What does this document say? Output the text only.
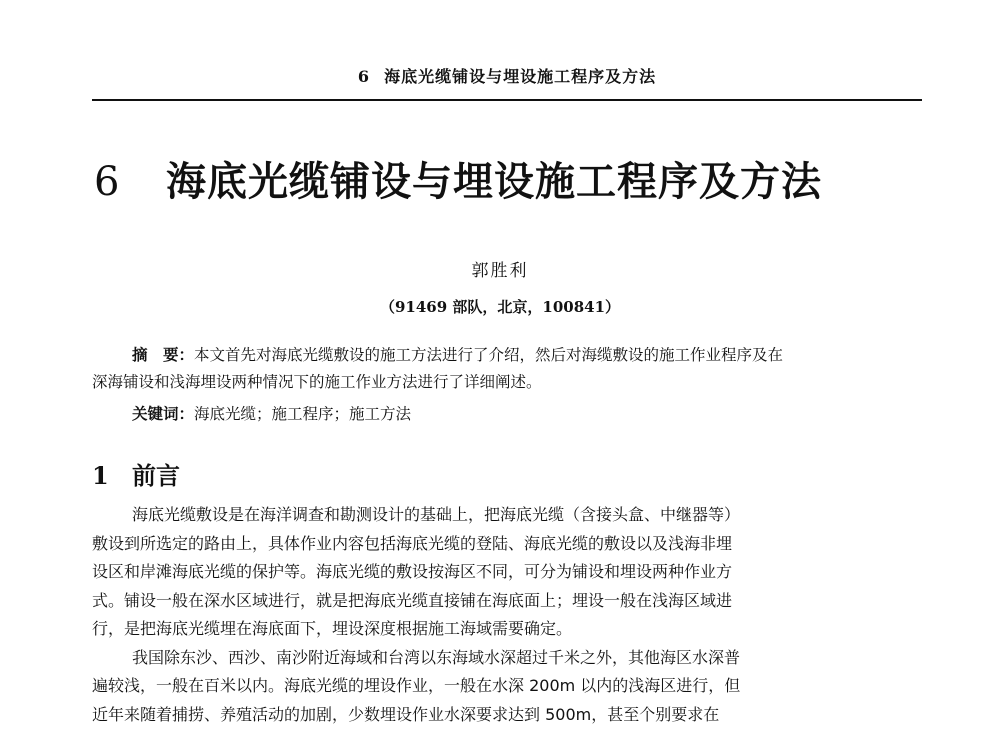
6 海底光缆铺设与埋设施工程序及方法
6 海底光缆铺设与埋设施工程序及方法
郭胜利
（91469 部队，北京，100841）
摘　要：本文首先对海底光缆敷设的施工方法进行了介绍，然后对海缆敷设的施工作业程序及在
深海铺设和浅海埋设两种情况下的施工作业方法进行了详细阐述。
关键词：海底光缆；施工程序；施工方法
1 前言
海底光缆敷设是在海洋调查和勘测设计的基础上，把海底光缆（含接头盒、中继器等）
敷设到所选定的路由上，具体作业内容包括海底光缆的登陆、海底光缆的敷设以及浅海非埋
设区和岸滩海底光缆的保护等。海底光缆的敷设按海区不同，可分为铺设和埋设两种作业方
式。铺设一般在深水区域进行，就是把海底光缆直接铺在海底面上；埋设一般在浅海区域进
行，是把海底光缆埋在海底面下，埋设深度根据施工海域需要确定。
我国除东沙、西沙、南沙附近海域和台湾以东海域水深超过千米之外，其他海区水深普
遍较浅，一般在百米以内。海底光缆的埋设作业，一般在水深 200m 以内的浅海区进行，但
近年来随着捕捞、养殖活动的加剧，少数埋设作业水深要求达到 500m，甚至个别要求在
